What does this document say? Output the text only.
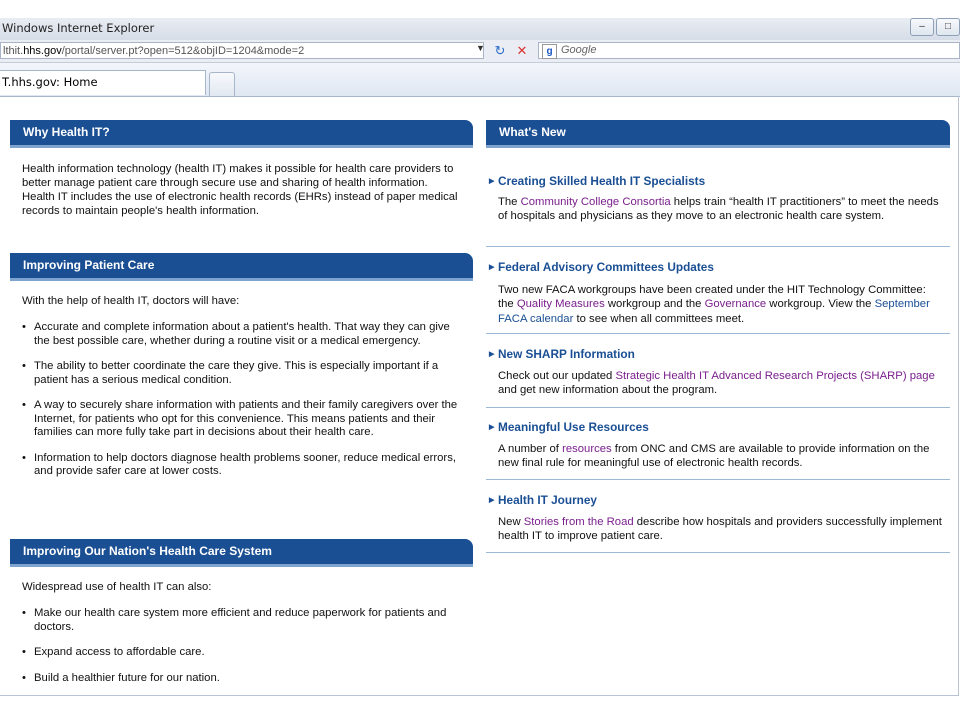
Windows Internet Explorer	–	□
lthit.hhs.gov/portal/server.pt?open=512&objID=1204&mode=2	▼ ↻ ✕	g Google
T.hhs.gov: Home
Why Health IT?

Health information technology (health IT) makes it possible for health care providers to better manage patient care through secure use and sharing of health information. Health IT includes the use of electronic health records (EHRs) instead of paper medical records to maintain people's health information.

Improving Patient Care

With the help of health IT, doctors will have:

• Accurate and complete information about a patient's health. That way they can give the best possible care, whether during a routine visit or a medical emergency.
• The ability to better coordinate the care they give. This is especially important if a patient has a serious medical condition.
• A way to securely share information with patients and their family caregivers over the Internet, for patients who opt for this convenience. This means patients and their families can more fully take part in decisions about their health care.
• Information to help doctors diagnose health problems sooner, reduce medical errors, and provide safer care at lower costs.
Improving Our Nation's Health Care System

Widespread use of health IT can also:

• Make our health care system more efficient and reduce paperwork for patients and doctors.
• Expand access to affordable care.
• Build a healthier future for our nation.
What's New
▶ Creating Skilled Health IT Specialists

The Community College Consortia helps train “health IT practitioners” to meet the needs of hospitals and physicians as they move to an electronic health care system.

▶ Federal Advisory Committees Updates

Two new FACA workgroups have been created under the HIT Technology Committee: the Quality Measures workgroup and the Governance workgroup. View the September FACA calendar to see when all committees meet.

▶ New SHARP Information

Check out our updated Strategic Health IT Advanced Research Projects (SHARP) page and get new information about the program.

▶ Meaningful Use Resources

A number of resources from ONC and CMS are available to provide information on the new final rule for meaningful use of electronic health records.

▶ Health IT Journey

New Stories from the Road describe how hospitals and providers successfully implement health IT to improve patient care.
